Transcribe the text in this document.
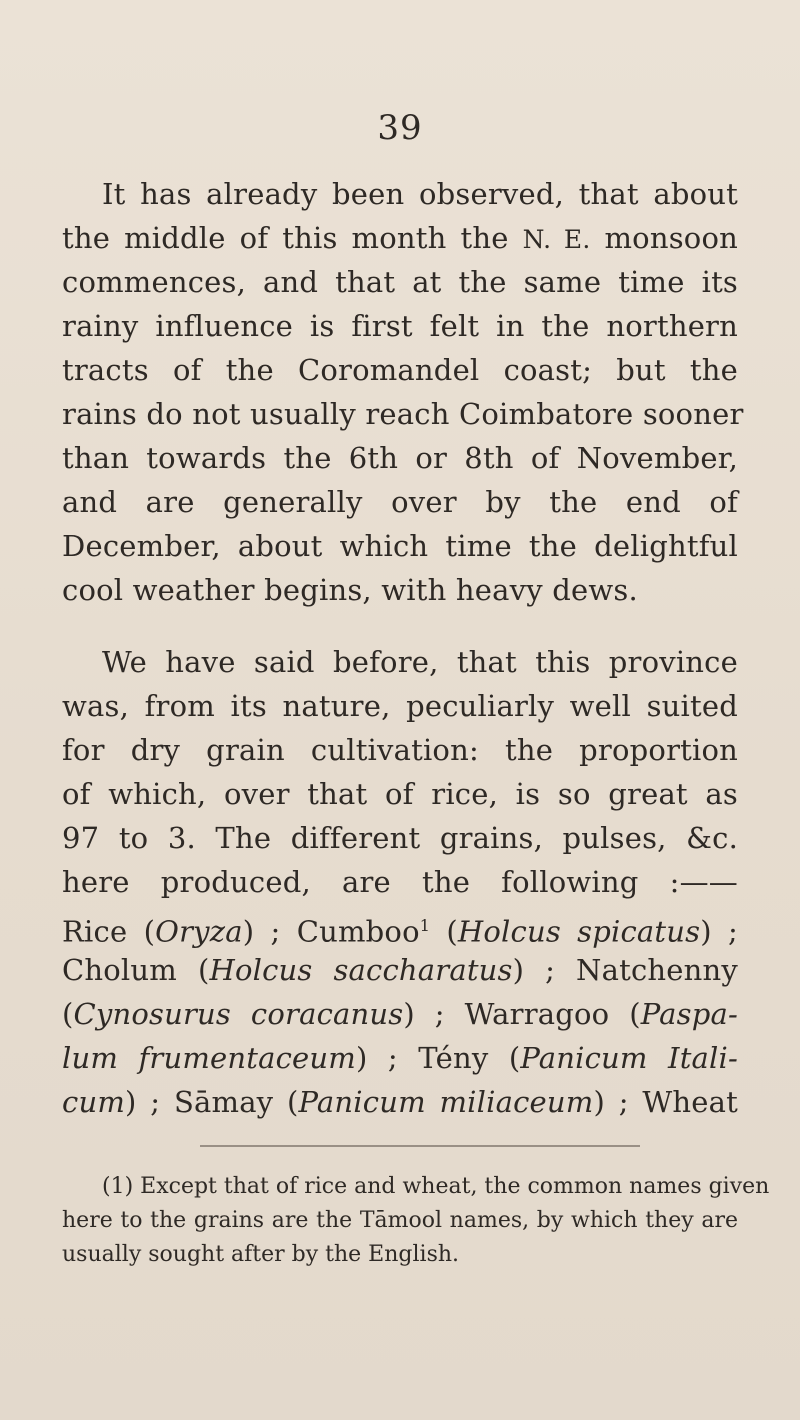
39
It has already been observed, that about
the middle of this month the N. E. monsoon
commences, and that at the same time its
rainy influence is first felt in the northern
tracts of the Coromandel coast; but the
rains do not usually reach Coimbatore sooner
than towards the 6th or 8th of November,
and are generally over by the end of
December, about which time the delightful
cool weather begins, with heavy dews.
We have said before, that this province
was, from its nature, peculiarly well suited
for dry grain cultivation: the proportion
of which, over that of rice, is so great as
97 to 3. The different grains, pulses, &c.
here produced, are the following :——
Rice (Oryza) ; Cumboo$^1$ (Holcus spicatus) ;
Cholum (Holcus saccharatus) ; Natchenny
(Cynosurus coracanus) ; Warragoo (Paspa-
lum frumentaceum) ; Tény (Panicum Itali-
cum) ; Sāmay (Panicum miliaceum) ; Wheat
(1) Except that of rice and wheat, the common names given
here to the grains are the Tāmool names, by which they are
usually sought after by the English.
